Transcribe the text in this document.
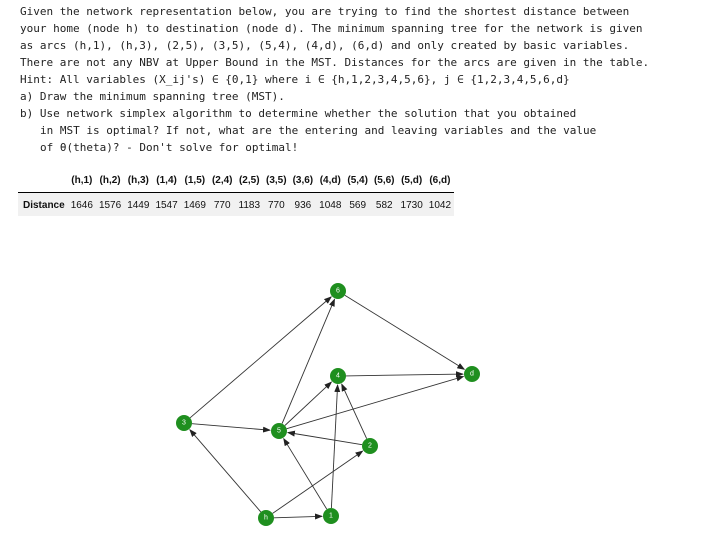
Given the network representation below, you are trying to find the shortest distance between
your home (node h) to destination (node d). The minimum spanning tree for the network is given
as arcs (h,1), (h,3), (2,5), (3,5), (5,4), (4,d), (6,d) and only created by basic variables.
There are not any NBV at Upper Bound in the MST. Distances for the arcs are given in the table.
Hint: All variables (X_ij's) ∈ {0,1} where i ∈ {h,1,2,3,4,5,6}, j ∈ {1,2,3,4,5,6,d}
a) Draw the minimum spanning tree (MST).
b) Use network simplex algorithm to determine whether the solution that you obtained
in MST is optimal? If not, what are the entering and leaving variables and the value
of θ(theta)? - Don't solve for optimal!
	(h,1)	(h,2)	(h,3)	(1,4)	(1,5)	(2,4)	(2,5)	(3,5)	(3,6)	(4,d)	(5,4)	(5,6)	(5,d)	(6,d)
Distance	1646	1576	1449	1547	1469	770	1183	770	936	1048	569	582	1730	1042
6
4	d
3
5
2
h	1
